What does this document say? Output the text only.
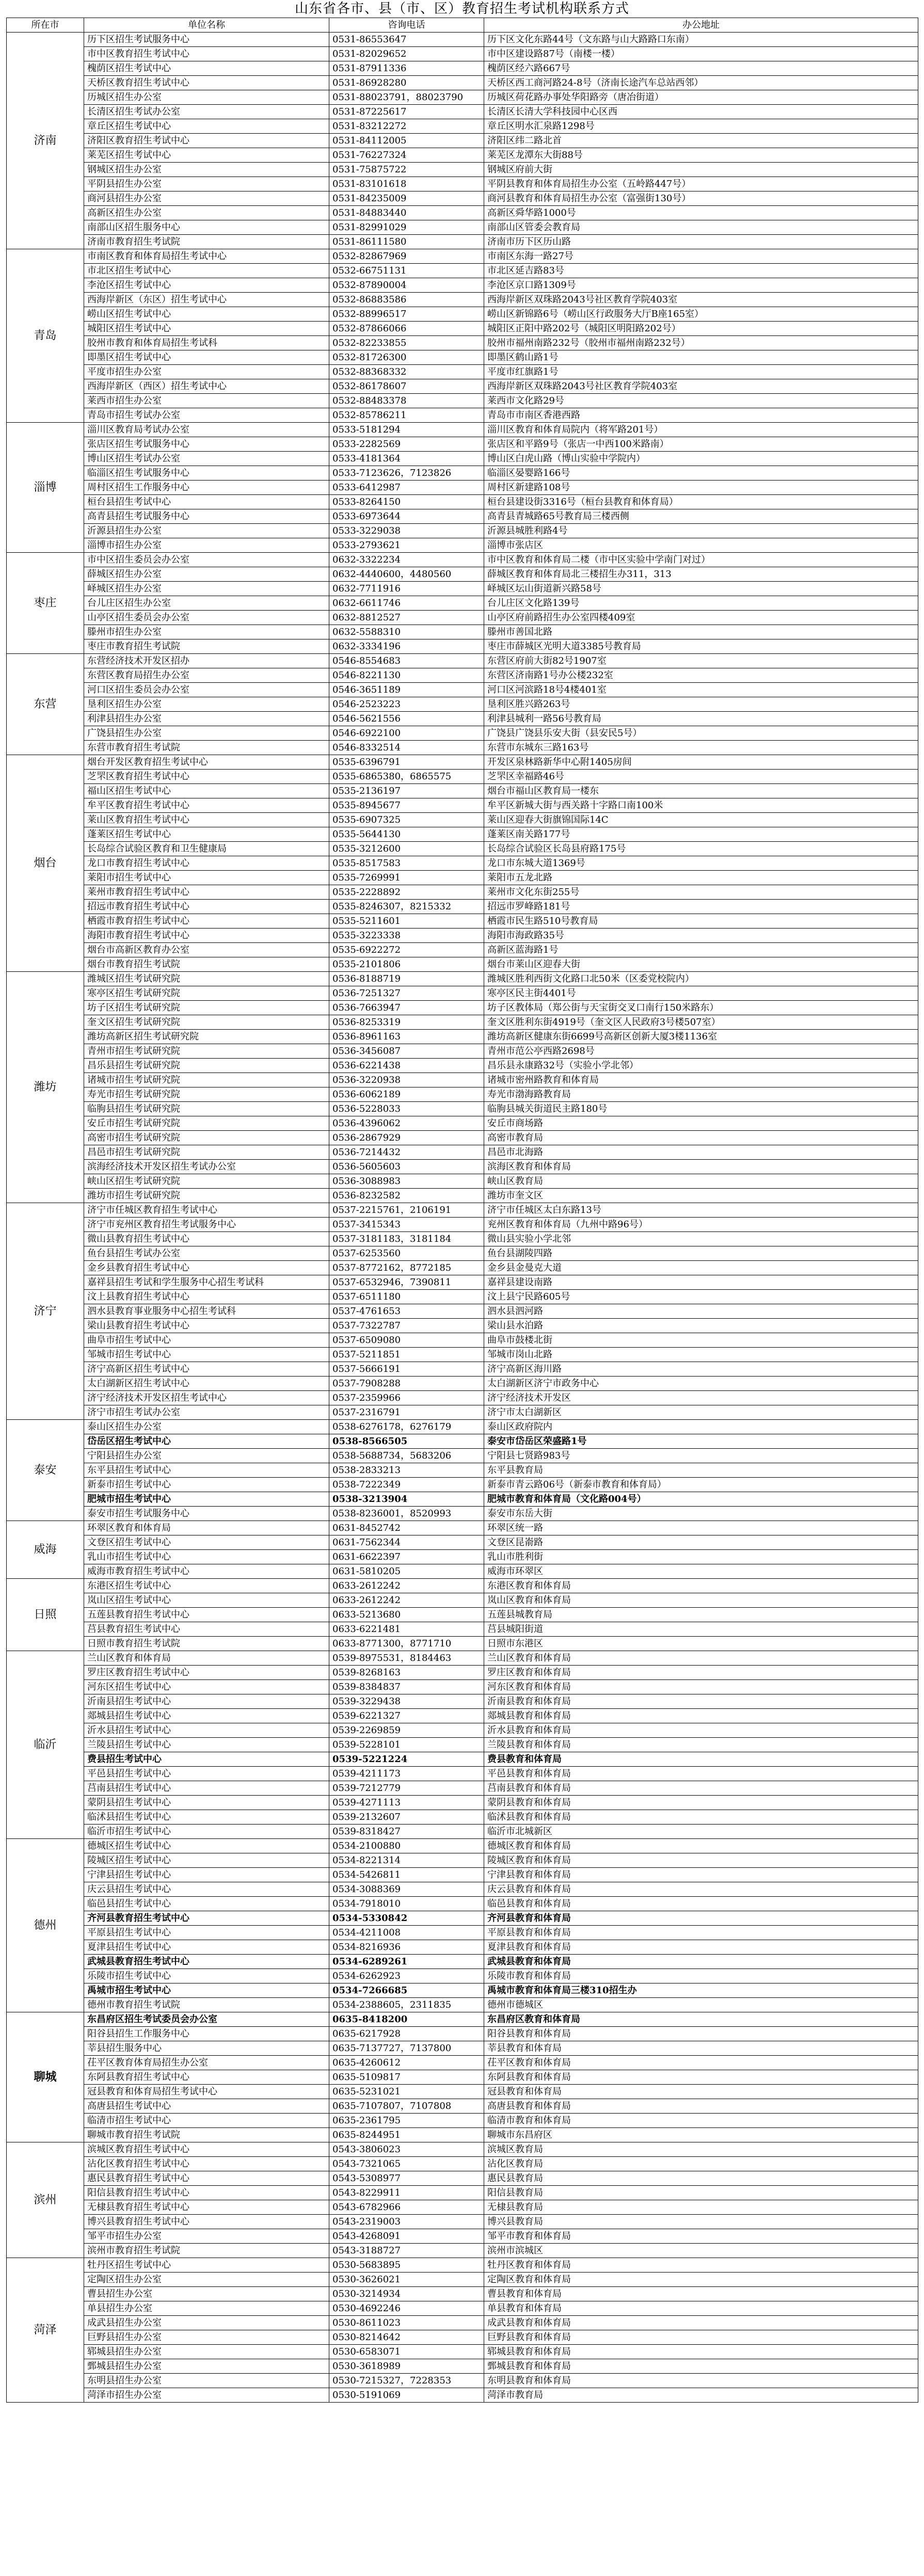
山东省各市、县（市、区）教育招生考试机构联系方式
所在市	单位名称	咨询电话	办公地址
济南	历下区招生考试服务中心	0531-86553647	历下区文化东路44号（文东路与山大路路口东南）
	市中区教育招生考试中心	0531-82029652	市中区建设路87号（南楼一楼）
	槐荫区招生考试中心	0531-87911336	槐荫区经六路667号
	天桥区教育招生考试中心	0531-86928280	天桥区西工商河路24-8号（济南长途汽车总站西邻）
	历城区招生办公室	0531-88023791，88023790	历城区荷花路办事处华阳路旁（唐冶街道）
	长清区招生考试办公室	0531-87225617	长清区长清大学科技园中心区西
	章丘区招生考试中心	0531-83212272	章丘区明水汇泉路1298号
	济阳区教育招生考试中心	0531-84112005	济阳区纬二路北首
	莱芜区招生考试中心	0531-76227324	莱芜区龙潭东大街88号
	钢城区招生办公室	0531-75875722	钢城区府前大街
	平阴县招生办公室	0531-83101618	平阴县教育和体育局招生办公室（五岭路447号）
	商河县招生办公室	0531-84235009	商河县教育和体育局招生办公室（富强街130号）
	高新区招生办公室	0531-84883440	高新区舜华路1000号
	南部山区招生服务中心	0531-82991029	南部山区管委会教育局
	济南市教育招生考试院	0531-86111580	济南市历下区历山路
青岛	市南区教育和体育局招生考试中心	0532-82867969	市南区东海一路27号
	市北区招生考试中心	0532-66751131	市北区延吉路83号
	李沧区招生考试中心	0532-87890004	李沧区京口路1309号
	西海岸新区（东区）招生考试中心	0532-86883586	西海岸新区双珠路2043号社区教育学院403室
	崂山区招生考试中心	0532-88996517	崂山区新锦路6号（崂山区行政服务大厅B座165室）
	城阳区招生考试中心	0532-87866066	城阳区正阳中路202号（城阳区明阳路202号）
	胶州市教育和体育局招生考试科	0532-82233855	胶州市福州南路232号（胶州市福州南路232号）
	即墨区招生考试中心	0532-81726300	即墨区鹤山路1号
	平度市招生办公室	0532-88368332	平度市红旗路1号
	西海岸新区（西区）招生考试中心	0532-86178607	西海岸新区双珠路2043号社区教育学院403室
	莱西市招生办公室	0532-88483378	莱西市文化路29号
	青岛市招生考试办公室	0532-85786211	青岛市市南区香港西路
淄博	淄川区教育局考试办公室	0533-5181294	淄川区教育和体育局院内（将军路201号）
	张店区招生考试服务中心	0533-2282569	张店区和平路9号（张店一中西100米路南）
	博山区招生考试办公室	0533-4181364	博山区白虎山路（博山实验中学院内）
	临淄区招生考试服务中心	0533-7123626，7123826	临淄区晏婴路166号
	周村区招生工作服务中心	0533-6412987	周村区新建路108号
	桓台县招生考试中心	0533-8264150	桓台县建设街3316号（桓台县教育和体育局）
	高青县招生考试服务中心	0533-6973644	高青县青城路65号教育局三楼西侧
	沂源县招生办公室	0533-3229038	沂源县城胜利路4号
	淄博市招生办公室	0533-2793621	淄博市张店区
枣庄	市中区招生委员会办公室	0632-3322234	市中区教育和体育局二楼（市中区实验中学南门对过）
	薛城区招生办公室	0632-4440600，4480560	薛城区教育和体育局北三楼招生办311，313
	峄城区招生办公室	0632-7711916	峄城区坛山街道新兴路58号
	台儿庄区招生办公室	0632-6611746	台儿庄区文化路139号
	山亭区招生委员会办公室	0632-8812527	山亭区府前路招生办公室四楼409室
	滕州市招生办公室	0632-5588310	滕州市善国北路
	枣庄市教育招生考试院	0632-3334196	枣庄市薛城区光明大道3385号教育局
东营	东营经济技术开发区招办	0546-8554683	东营区府前大街82号1907室
	东营区教育局招生办公室	0546-8221130	东营区济南路1号办公楼232室
	河口区招生委员会办公室	0546-3651189	河口区河滨路18号4楼401室
	垦利区招生办公室	0546-2523223	垦利区胜兴路263号
	利津县招生办公室	0546-5621556	利津县城利一路56号教育局
	广饶县招生办公室	0546-6922100	广饶县广饶县乐安大街（县安民5号）
	东营市教育招生考试院	0546-8332514	东营市东城东三路163号
烟台	烟台开发区教育招生考试中心	0535-6396791	开发区泉林路新华中心附1405房间
	芝罘区教育招生考试中心	0535-6865380，6865575	芝罘区幸福路46号
	福山区招生考试中心	0535-2136197	烟台市福山区教育局一楼东
	牟平区教育招生考试中心	0535-8945677	牟平区新城大街与西关路十字路口南100米
	莱山区教育招生考试中心	0535-6907325	莱山区迎春大街旗锦国际14C
	蓬莱区招生考试中心	0535-5644130	蓬莱区南关路177号
	长岛综合试验区教育和卫生健康局	0535-3212600	长岛综合试验区长岛县府路175号
	龙口市教育招生考试中心	0535-8517583	龙口市东城大道1369号
	莱阳市招生考试中心	0535-7269991	莱阳市五龙北路
	莱州市教育招生考试中心	0535-2228892	莱州市文化东街255号
	招远市教育招生考试中心	0535-8246307，8215332	招远市罗峰路181号
	栖霞市教育招生考试中心	0535-5211601	栖霞市民生路510号教育局
	海阳市教育招生考试中心	0535-3223338	海阳市海政路35号
	烟台市高新区教育办公室	0535-6922272	高新区蓝海路1号
	烟台市教育招生考试院	0535-2101806	烟台市莱山区迎春大街
潍坊	潍城区招生考试研究院	0536-8188719	潍城区胜利西街文化路口北50米（区委党校院内）
	寒亭区招生考试研究院	0536-7251327	寒亭区民主街4401号
	坊子区招生考试研究院	0536-7663947	坊子区教体局（郑公街与天宝街交叉口南行150米路东）
	奎文区招生考试研究院	0536-8253319	奎文区胜利东街4919号（奎文区人民政府3号楼507室）
	潍坊高新区招生考试研究院	0536-8961163	潍坊高新区健康东街6699号高新区创新大厦3楼1136室
	青州市招生考试研究院	0536-3456087	青州市范公亭西路2698号
	昌乐县招生考试研究院	0536-6221438	昌乐县永康路32号（实验小学北邻）
	诸城市招生考试研究院	0536-3220938	诸城市密州路教育和体育局
	寿光市招生考试研究院	0536-6062189	寿光市渤海路教育局
	临朐县招生考试研究院	0536-5228033	临朐县城关街道民主路180号
	安丘市招生考试研究院	0536-4396062	安丘市商场路
	高密市招生考试研究院	0536-2867929	高密市教育局
	昌邑市招生考试研究院	0536-7214432	昌邑市北海路
	滨海经济技术开发区招生考试办公室	0536-5605603	滨海区教育和体育局
	峡山区招生考试研究院	0536-3088983	峡山区教育局
	潍坊市招生考试研究院	0536-8232582	潍坊市奎文区
济宁	济宁市任城区教育招生考试中心	0537-2215761，2106191	济宁市任城区太白东路13号
	济宁市兖州区教育招生考试服务中心	0537-3415343	兖州区教育和体育局（九州中路96号）
	微山县教育招生考试中心	0537-3181183，3181184	微山县实验小学北邻
	鱼台县招生考试办公室	0537-6253560	鱼台县湖陵四路
	金乡县教育招生考试中心	0537-8772162，8772185	金乡县金曼克大道
	嘉祥县招生考试和学生服务中心招生考试科	0537-6532946，7390811	嘉祥县建设南路
	汶上县教育招生考试中心	0537-6511180	汶上县宁民路605号
	泗水县教育事业服务中心招生考试科	0537-4761653	泗水县泗河路
	梁山县教育招生考试中心	0537-7322787	梁山县水泊路
	曲阜市招生考试中心	0537-6509080	曲阜市鼓楼北街
	邹城市招生考试中心	0537-5211851	邹城市岗山北路
	济宁高新区招生考试中心	0537-5666191	济宁高新区海川路
	太白湖新区招生考试中心	0537-7908288	太白湖新区济宁市政务中心
	济宁经济技术开发区招生考试中心	0537-2359966	济宁经济技术开发区
	济宁市招生考试办公室	0537-2316791	济宁市太白湖新区
泰安	泰山区招生办公室	0538-6276178，6276179	泰山区政府院内
	岱岳区招生考试中心	0538-8566505	泰安市岱岳区荣盛路1号
	宁阳县招生办公室	0538-5688734，5683206	宁阳县七贤路983号
	东平县招生考试中心	0538-2833213	东平县教育局
	新泰市招生考试中心	0538-7222349	新泰市青云路06号（新泰市教育和体育局）
	肥城市招生考试中心	0538-3213904	肥城市教育和体育局（文化路004号）
	泰安市招生考试服务中心	0538-8236001，8520993	泰安市东岳大街
威海	环翠区教育和体育局	0631-8452742	环翠区统一路
	文登区招生考试中心	0631-7562344	文登区昆嵛路
	乳山市招生考试中心	0631-6622397	乳山市胜利街
	威海市教育招生考试中心	0631-5810205	威海市环翠区
日照	东港区招生考试中心	0633-2612242	东港区教育和体育局
	岚山区招生考试中心	0633-2612242	岚山区教育和体育局
	五莲县教育招生考试中心	0633-5213680	五莲县城教育局
	莒县教育招生考试中心	0633-6221481	莒县城阳街道
	日照市教育招生考试院	0633-8771300，8771710	日照市东港区
临沂	兰山区教育和体育局	0539-8975531，8184463	兰山区教育和体育局
	罗庄区教育招生考试中心	0539-8268163	罗庄区教育和体育局
	河东区招生考试中心	0539-8384837	河东区教育和体育局
	沂南县招生考试中心	0539-3229438	沂南县教育和体育局
	郯城县招生考试中心	0539-6221327	郯城县教育和体育局
	沂水县招生考试中心	0539-2269859	沂水县教育和体育局
	兰陵县招生考试中心	0539-5228101	兰陵县教育和体育局
	费县招生考试中心	0539-5221224	费县教育和体育局
	平邑县招生考试中心	0539-4211173	平邑县教育和体育局
	莒南县招生考试中心	0539-7212779	莒南县教育和体育局
	蒙阴县招生考试中心	0539-4271113	蒙阴县教育和体育局
	临沭县招生考试中心	0539-2132607	临沭县教育和体育局
	临沂市招生考试中心	0539-8318427	临沂市北城新区
德州	德城区招生考试中心	0534-2100880	德城区教育和体育局
	陵城区招生考试中心	0534-8221314	陵城区教育和体育局
	宁津县招生考试中心	0534-5426811	宁津县教育和体育局
	庆云县招生考试中心	0534-3088369	庆云县教育和体育局
	临邑县招生考试中心	0534-7918010	临邑县教育和体育局
	齐河县教育招生考试中心	0534-5330842	齐河县教育和体育局
	平原县招生考试中心	0534-4211008	平原县教育和体育局
	夏津县招生考试中心	0534-8216936	夏津县教育和体育局
	武城县教育招生考试中心	0534-6289261	武城县教育和体育局
	乐陵市招生考试中心	0534-6262923	乐陵市教育和体育局
	禹城市招生考试中心	0534-7266685	禹城市教育和体育局三楼310招生办
	德州市教育招生考试院	0534-2388605，2311835	德州市德城区
聊城	东昌府区招生考试委员会办公室	0635-8418200	东昌府区教育和体育局
	阳谷县招生工作服务中心	0635-6217928	阳谷县教育和体育局
	莘县招生服务中心	0635-7137727，7137800	莘县教育和体育局
	茌平区教育体育局招生办公室	0635-4260612	茌平区教育和体育局
	东阿县教育招生考试中心	0635-5109817	东阿县教育和体育局
	冠县教育和体育局招生考试中心	0635-5231021	冠县教育和体育局
	高唐县招生考试中心	0635-7107807，7107808	高唐县教育和体育局
	临清市招生考试中心	0635-2361795	临清市教育和体育局
	聊城市教育招生考试院	0635-8244951	聊城市东昌府区
滨州	滨城区教育招生考试中心	0543-3806023	滨城区教育局
	沾化区教育招生考试中心	0543-7321065	沾化区教育局
	惠民县教育招生考试中心	0543-5308977	惠民县教育局
	阳信县教育招生考试中心	0543-8229911	阳信县教育局
	无棣县教育招生考试中心	0543-6782966	无棣县教育局
	博兴县教育招生考试中心	0543-2319003	博兴县教育局
	邹平市招生办公室	0543-4268091	邹平市教育和体育局
	滨州市教育招生考试院	0543-3188727	滨州市滨城区
菏泽	牡丹区招生考试中心	0530-5683895	牡丹区教育和体育局
	定陶区招生办公室	0530-3626021	定陶区教育和体育局
	曹县招生办公室	0530-3214934	曹县教育和体育局
	单县招生办公室	0530-4692246	单县教育和体育局
	成武县招生办公室	0530-8611023	成武县教育和体育局
	巨野县招生办公室	0530-8214642	巨野县教育和体育局
	郓城县招生办公室	0530-6583071	郓城县教育和体育局
	鄄城县招生办公室	0530-3618989	鄄城县教育和体育局
	东明县招生办公室	0530-7215327，7228353	东明县教育和体育局
	菏泽市招生办公室	0530-5191069	菏泽市教育局
